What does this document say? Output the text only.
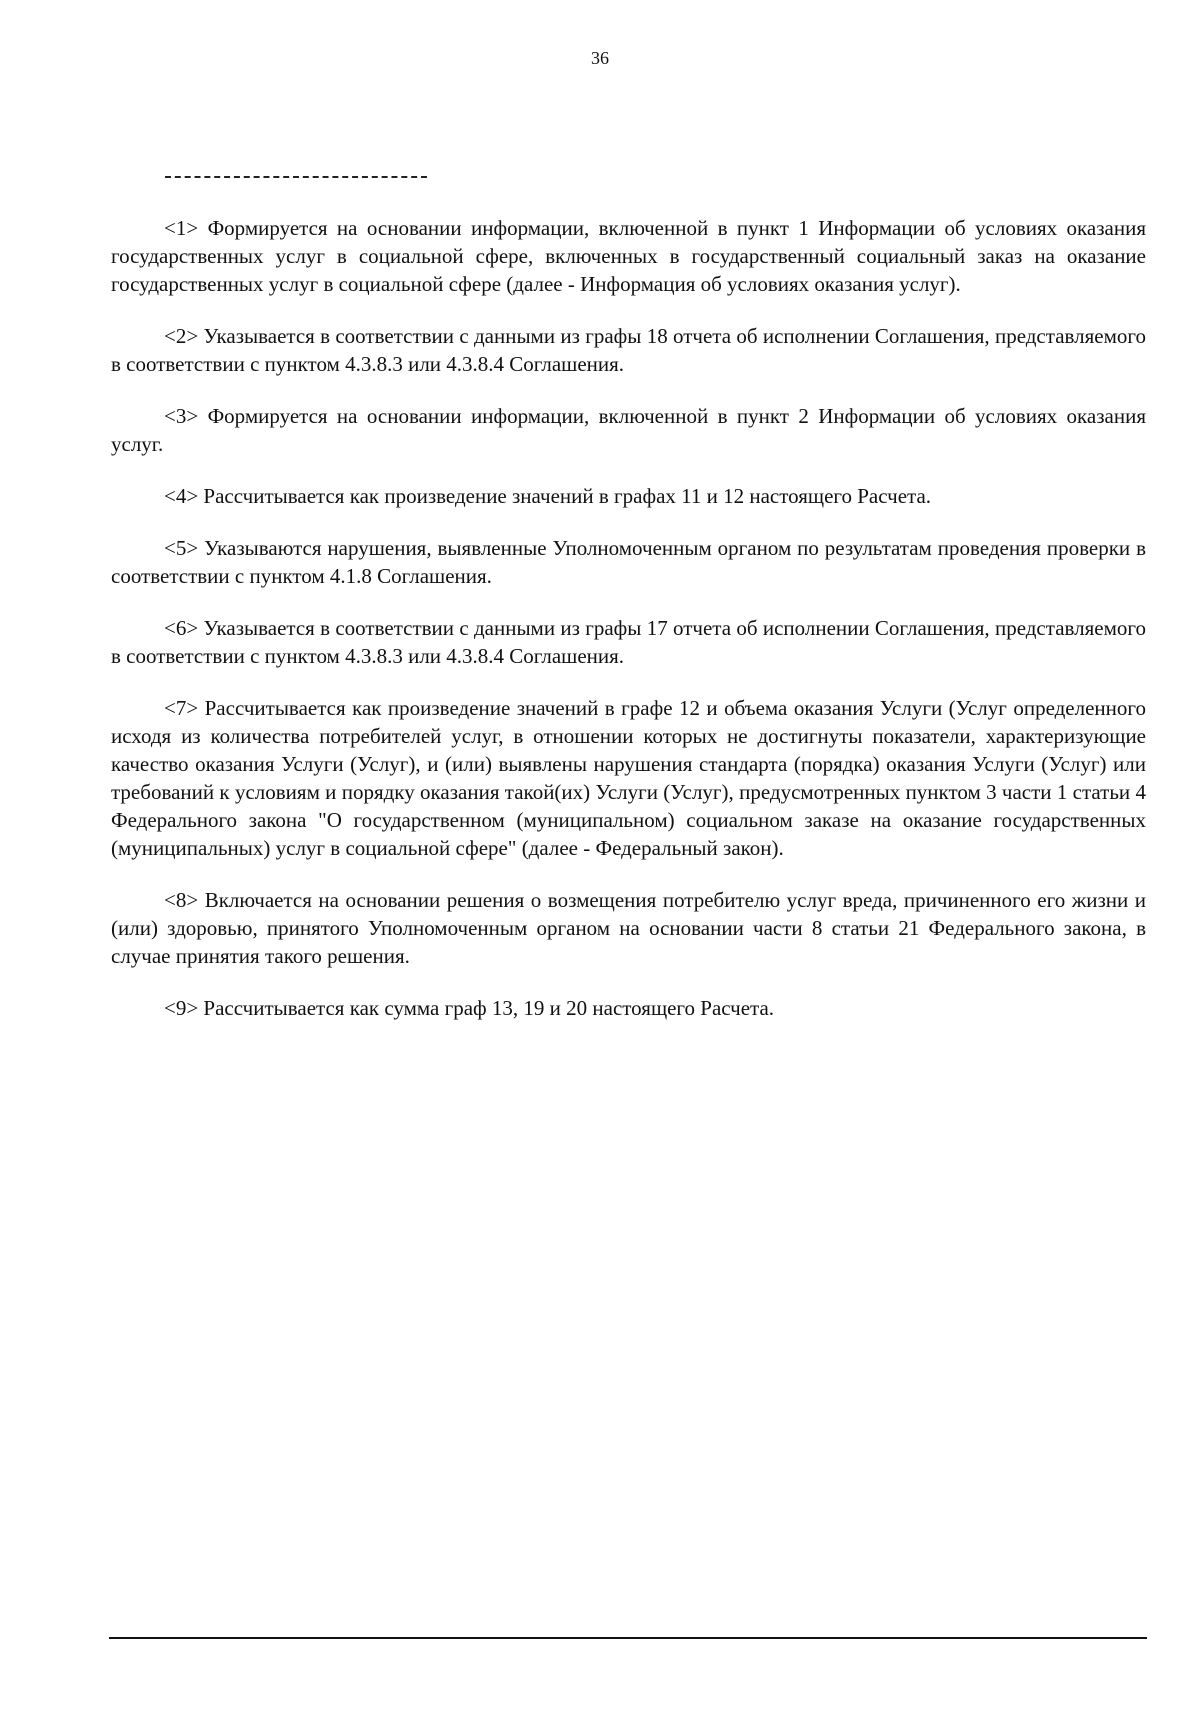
36

<1> Формируется на основании информации, включенной в пункт 1 Информации об условиях оказания государственных услуг в социальной сфере, включенных в государственный социальный заказ на оказание государственных услуг в социальной сфере (далее - Информация об условиях оказания услуг).

<2> Указывается в соответствии с данными из графы 18 отчета об исполнении Соглашения, представляемого в соответствии с пунктом 4.3.8.3 или 4.3.8.4 Соглашения.

<3> Формируется на основании информации, включенной в пункт 2 Информации об условиях оказания услуг.

<4> Рассчитывается как произведение значений в графах 11 и 12 настоящего Расчета.

<5> Указываются нарушения, выявленные Уполномоченным органом по результатам проведения проверки в соответствии с пунктом 4.1.8 Соглашения.

<6> Указывается в соответствии с данными из графы 17 отчета об исполнении Соглашения, представляемого в соответствии с пунктом 4.3.8.3 или 4.3.8.4 Соглашения.

<7> Рассчитывается как произведение значений в графе 12 и объема оказания Услуги (Услуг определенного исходя из количества потребителей услуг, в отношении которых не достигнуты показатели, характеризующие качество оказания Услуги (Услуг), и (или) выявлены нарушения стандарта (порядка) оказания Услуги (Услуг) или требований к условиям и порядку оказания такой(их) Услуги (Услуг), предусмотренных пунктом 3 части 1 статьи 4 Федерального закона "О государственном (муниципальном) социальном заказе на оказание государственных (муниципальных) услуг в социальной сфере" (далее - Федеральный закон).

<8> Включается на основании решения о возмещения потребителю услуг вреда, причиненного его жизни и (или) здоровью, принятого Уполномоченным органом на основании части 8 статьи 21 Федерального закона, в случае принятия такого решения.

<9> Рассчитывается как сумма граф 13, 19 и 20 настоящего Расчета.
